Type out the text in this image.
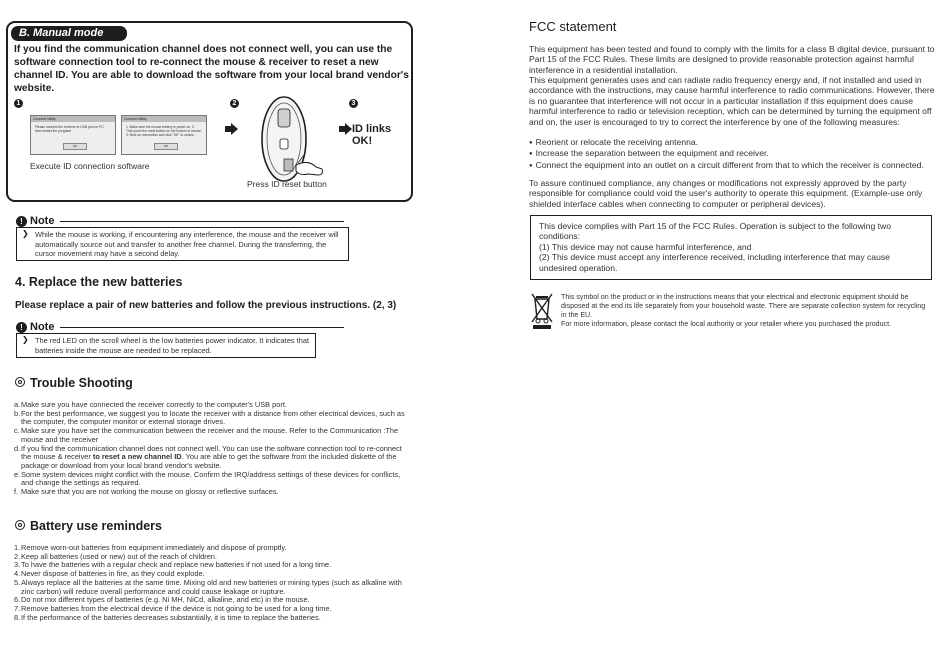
B. Manual mode

If you find the communication channel does not connect well, you can use the software connection tool to re-connect the mouse & receiver to reset a new channel ID. You are able to download the software from your local brand vendor's website.

1	2	3
Connect Utility
Please connect the receiver to USB port on PC, then restart the program!
OK
Connect Utility
1. Make sure the mouse battery is power on. 2. Then push the reset button on the bottom of mouse. 3. Next on connection and click "OK" to closes.
OK
Execute ID connection software
Press ID reset button
ID links OK!
! Note
❯ While the mouse is working, if encountering any interference, the mouse and the receiver will automatically source out and transfer to another free channel. During the transferring, the cursor movement may have a second delay.
4. Replace the new batteries

Please replace a pair of new batteries and follow the previous instructions. (2, 3)

! Note
❯ The red LED on the scroll wheel is the low batteries power indicator. It indicates that batteries inside the mouse are needed to be replaced.
Trouble Shooting
a. Make sure you have connected the receiver correctly to the computer's USB port.
b. For the best performance, we suggest you to locate the receiver with a distance from other electrical devices, such as the computer, the computer monitor or external storage drives.
c. Make sure you have set the communication between the receiver and the mouse. Refer to the Communication :The mouse and the receiver
d. If you find the communication channel does not connect well. You can use the software connection tool to re-connect the mouse & receiver to reset a new channel ID. You are able to get the software from the included diskette of the package or download from your local brand vendor's website.
e. Some system devices might conflict with the mouse. Confirm the IRQ/address settings of these devices for conflicts, and change the settings as required.
f. Make sure that you are not working the mouse on glossy or reflective surfaces.
Battery use reminders
1. Remove worn-out batteries from equipment immediately and dispose of promptly.
2. Keep all batteries (used or new) out of the reach of children.
3. To have the batteries with a regular check and replace new batteries if not used for a long time.
4. Never dispose of batteries in fire, as they could explode.
5. Always replace all the batteries at the same time. Mixing old and new batteries or mining types (such as alkaline with zinc carbon) will reduce overall performance and could cause leakage or rupture.
6. Do not mix different types of batteries (e.g. Ni MH, NiCd, alkaline, and etc) in the mouse.
7. Remove batteries from the electrical device if the device is not going to be used for a long time.
8. If the performance of the batteries decreases substantially, it is time to replace the batteries.
FCC statement

This equipment has been tested and found to comply with the limits for a class B digital device, pursuant to Part 15 of the FCC Rules. These limits are designed to provide reasonable protection against harmful interference in a residential installation.

This equipment generates uses and can radiate radio frequency energy and, if not installed and used in accordance with the instructions, may cause harmful interference to radio communications. However, there is no guarantee that interference will not occur in a particular installation if this equipment does cause harmful interference to radio or television reception, which can be determined by turning the equipment off and on, the user is encouraged to try to correct the interference by one of the following measures:

● Reorient or relocate the receiving antenna.
● Increase the separation between the equipment and receiver.
● Connect the equipment into an outlet on a circuit different from that to which the receiver is connected.

To assure continued compliance, any changes or modifications not expressly approved by the party responsible for compliance could void the user's authority to operate this equipment. (Example-use only shielded interface cables when connecting to computer or peripheral devices).

This device complies with Part 15 of the FCC Rules. Operation is subject to the following two conditions:
(1) This device may not cause harmful interference, and
(2) This device must accept any interference received, including interference that may cause undesired operation.

This symbol on the product or in the instructions means that your electrical and electronic equipment should be disposed at the end its life separately from your household waste. There are separate collection system for recycling in the EU.
For more information, please contact the local authority or your retailer where you purchased the product.
